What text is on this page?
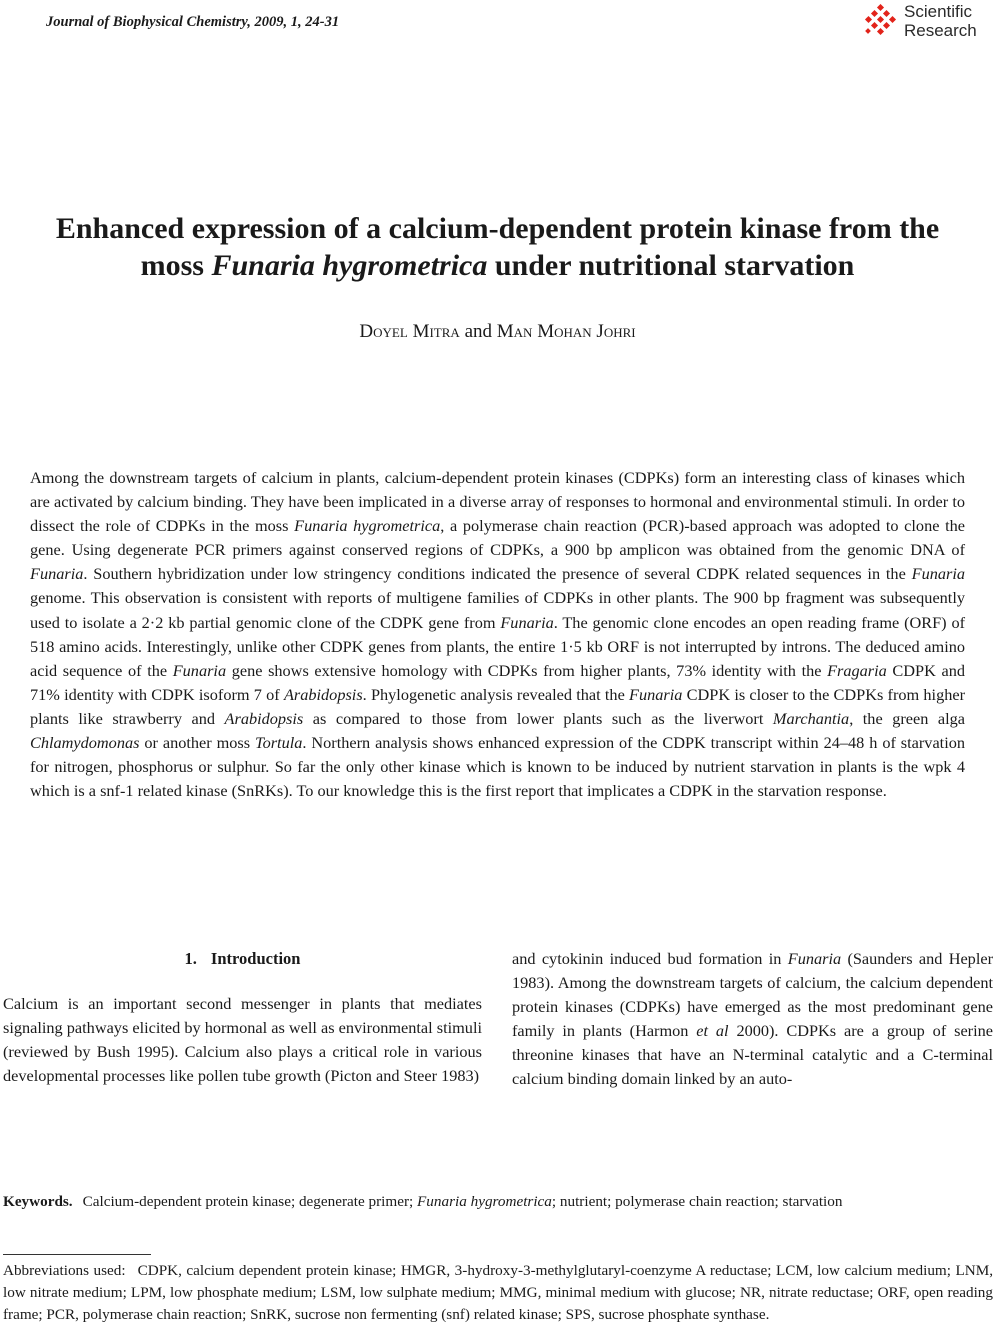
Journal of Biophysical Chemistry, 2009, 1, 24-31
Scientific
Research
Enhanced expression of a calcium-dependent protein kinase from the
moss Funaria hygrometrica under nutritional starvation
Doyel Mitra and Man Mohan Johri

Among the downstream targets of calcium in plants, calcium-dependent protein kinases (CDPKs) form an interesting class of kinases which are activated by calcium binding. They have been implicated in a diverse array of responses to hormonal and environmental stimuli. In order to dissect the role of CDPKs in the moss Funaria hygrometrica, a polymerase chain reaction (PCR)-based approach was adopted to clone the gene. Using degenerate PCR primers against conserved regions of CDPKs, a 900 bp amplicon was obtained from the genomic DNA of Funaria. Southern hybridization under low stringency conditions indicated the presence of several CDPK related sequences in the Funaria genome. This observation is consistent with reports of multigene families of CDPKs in other plants. The 900 bp fragment was subsequently used to isolate a 2·2 kb partial genomic clone of the CDPK gene from Funaria. The genomic clone encodes an open reading frame (ORF) of 518 amino acids. Interestingly, unlike other CDPK genes from plants, the entire 1·5 kb ORF is not interrupted by introns. The deduced amino acid sequence of the Funaria gene shows extensive homology with CDPKs from higher plants, 73% identity with the Fragaria CDPK and 71% identity with CDPK isoform 7 of Arabidopsis. Phylogenetic analysis revealed that the Funaria CDPK is closer to the CDPKs from higher plants like strawberry and Arabidopsis as compared to those from lower plants such as the liverwort Marchantia, the green alga Chlamydomonas or another moss Tortula. Northern analysis shows enhanced expression of the CDPK transcript within 24–48 h of starvation for nitrogen, phosphorus or sulphur. So far the only other kinase which is known to be induced by nutrient starvation in plants is the wpk 4 which is a snf-1 related kinase (SnRKs). To our knowledge this is the first report that implicates a CDPK in the starvation response.

1. Introduction

Calcium is an important second messenger in plants that mediates signaling pathways elicited by hormonal as well as environmental stimuli (reviewed by Bush 1995). Calcium also plays a critical role in various developmental processes like pollen tube growth (Picton and Steer 1983)

and cytokinin induced bud formation in Funaria (Saunders and Hepler 1983). Among the downstream targets of calcium, the calcium dependent protein kinases (CDPKs) have emerged as the most predominant gene family in plants (Harmon et al 2000). CDPKs are a group of serine threonine kinases that have an N-terminal catalytic and a C-terminal calcium binding domain linked by an auto-

Keywords. Calcium-dependent protein kinase; degenerate primer; Funaria hygrometrica; nutrient; polymerase chain reaction; starvation
Abbreviations used: CDPK, calcium dependent protein kinase; HMGR, 3-hydroxy-3-methylglutaryl-coenzyme A reductase; LCM, low calcium medium; LNM, low nitrate medium; LPM, low phosphate medium; LSM, low sulphate medium; MMG, minimal medium with glucose; NR, nitrate reductase; ORF, open reading frame; PCR, polymerase chain reaction; SnRK, sucrose non fermenting (snf) related kinase; SPS, sucrose phosphate synthase.
